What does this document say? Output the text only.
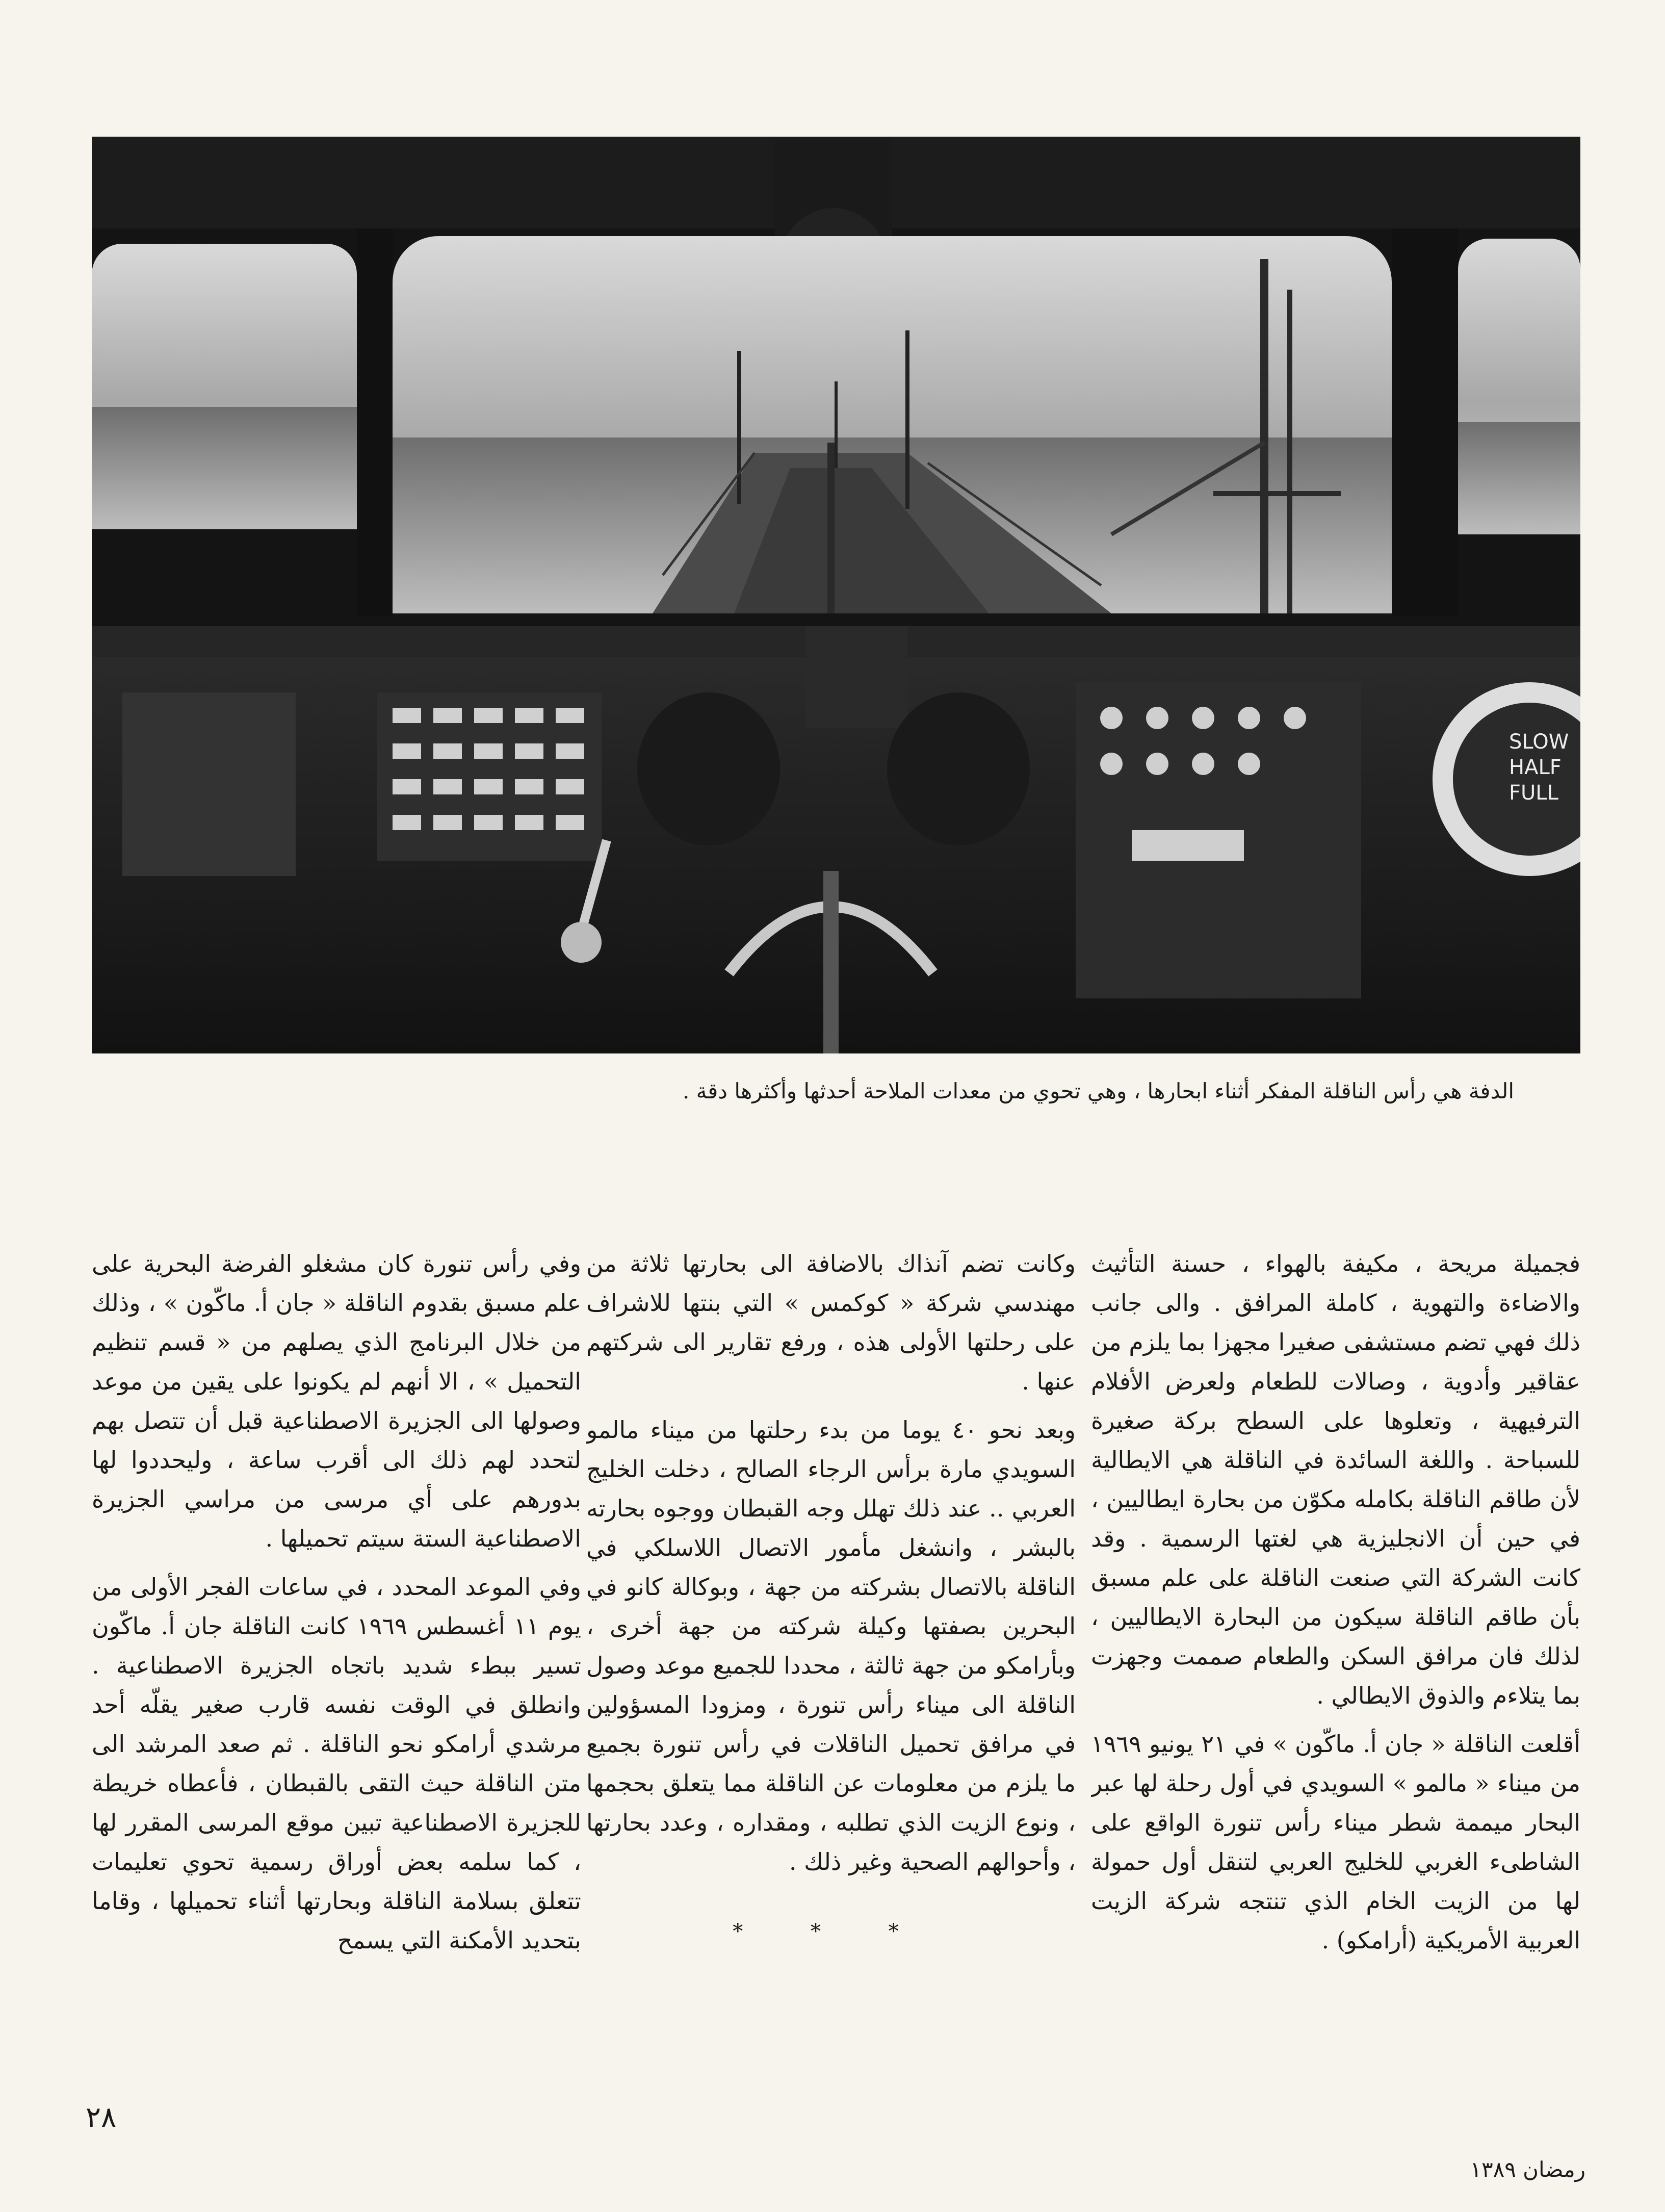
SLOW
HALF
FULL
الدفة هي رأس الناقلة المفكر أثناء ابحارها ، وهي تحوي من معدات الملاحة أحدثها وأكثرها دقة .

فجميلة مريحة ، مكيفة بالهواء ، حسنة التأثيث والاضاءة والتهوية ، كاملة المرافق . والى جانب ذلك فهي تضم مستشفى صغيرا مجهزا بما يلزم من عقاقير وأدوية ، وصالات للطعام ولعرض الأفلام الترفيهية ، وتعلوها على السطح بركة صغيرة للسباحة . واللغة السائدة في الناقلة هي الايطالية لأن طاقم الناقلة بكامله مكوّن من بحارة ايطاليين ، في حين أن الانجليزية هي لغتها الرسمية . وقد كانت الشركة التي صنعت الناقلة على علم مسبق بأن طاقم الناقلة سيكون من البحارة الايطاليين ، لذلك فان مرافق السكن والطعام صممت وجهزت بما يتلاءم والذوق الايطالي .

أقلعت الناقلة « جان أ. ماكّون » في ٢١ يونيو ١٩٦٩ من ميناء « مالمو » السويدي في أول رحلة لها عبر البحار ميممة شطر ميناء رأس تنورة الواقع على الشاطىء الغربي للخليج العربي لتنقل أول حمولة لها من الزيت الخام الذي تنتجه شركة الزيت العربية الأمريكية (أرامكو) .

وكانت تضم آنذاك بالاضافة الى بحارتها ثلاثة من مهندسي شركة « كوكمس » التي بنتها للاشراف على رحلتها الأولى هذه ، ورفع تقارير الى شركتهم عنها .

وبعد نحو ٤٠ يوما من بدء رحلتها من ميناء مالمو السويدي مارة برأس الرجاء الصالح ، دخلت الخليج العربي .. عند ذلك تهلل وجه القبطان ووجوه بحارته بالبشر ، وانشغل مأمور الاتصال اللاسلكي في الناقلة بالاتصال بشركته من جهة ، وبوكالة كانو في البحرين بصفتها وكيلة شركته من جهة أخرى ، وبأرامكو من جهة ثالثة ، محددا للجميع موعد وصول الناقلة الى ميناء رأس تنورة ، ومزودا المسؤولين في مرافق تحميل الناقلات في رأس تنورة بجميع ما يلزم من معلومات عن الناقلة مما يتعلق بحجمها ، ونوع الزيت الذي تطلبه ، ومقداره ، وعدد بحارتها ، وأحوالهم الصحية وغير ذلك .

* * *

وفي رأس تنورة كان مشغلو الفرضة البحرية على علم مسبق بقدوم الناقلة « جان أ. ماكّون » ، وذلك من خلال البرنامج الذي يصلهم من « قسم تنظيم التحميل » ، الا أنهم لم يكونوا على يقين من موعد وصولها الى الجزيرة الاصطناعية قبل أن تتصل بهم لتحدد لهم ذلك الى أقرب ساعة ، وليحددوا لها بدورهم على أي مرسى من مراسي الجزيرة الاصطناعية الستة سيتم تحميلها .

وفي الموعد المحدد ، في ساعات الفجر الأولى من يوم ١١ أغسطس ١٩٦٩ كانت الناقلة جان أ. ماكّون تسير ببطء شديد باتجاه الجزيرة الاصطناعية . وانطلق في الوقت نفسه قارب صغير يقلّه أحد مرشدي أرامكو نحو الناقلة . ثم صعد المرشد الى متن الناقلة حيث التقى بالقبطان ، فأعطاه خريطة للجزيرة الاصطناعية تبين موقع المرسى المقرر لها ، كما سلمه بعض أوراق رسمية تحوي تعليمات تتعلق بسلامة الناقلة وبحارتها أثناء تحميلها ، وقاما بتحديد الأمكنة التي يسمح

٢٨
رمضان ١٣٨٩
